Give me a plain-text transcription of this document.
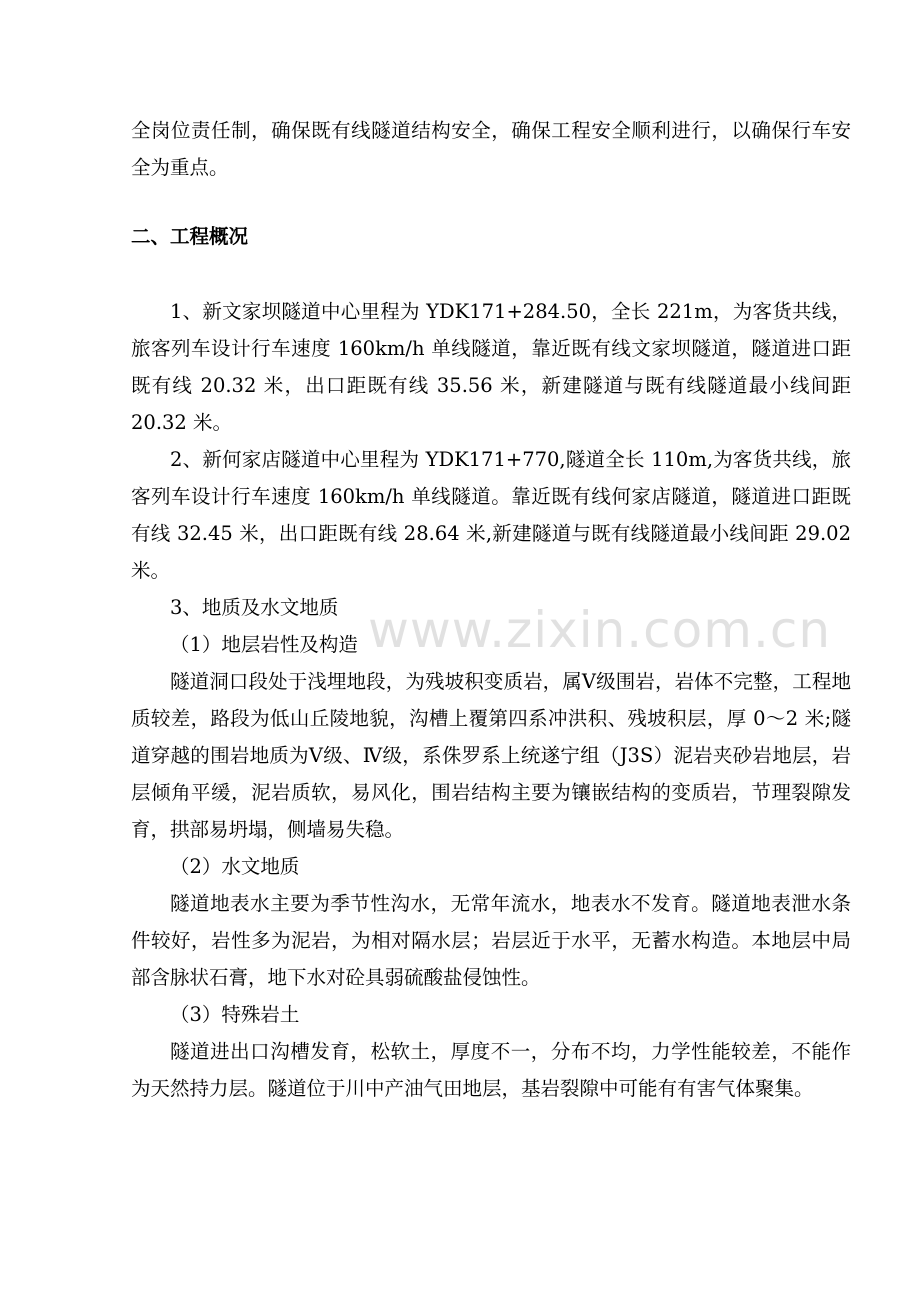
全岗位责任制，确保既有线隧道结构安全，确保工程安全顺利进行，以确保行车安全为重点。

二、工程概况

1、新文家坝隧道中心里程为 YDK171+284.50，全长 221m，为客货共线，旅客列车设计行车速度 160km/h 单线隧道，靠近既有线文家坝隧道，隧道进口距既有线 20.32 米，出口距既有线 35.56 米，新建隧道与既有线隧道最小线间距 20.32 米。

2、新何家店隧道中心里程为 YDK171+770,隧道全长 110m,为客货共线，旅客列车设计行车速度 160km/h 单线隧道。靠近既有线何家店隧道，隧道进口距既有线 32.45 米，出口距既有线 28.64 米,新建隧道与既有线隧道最小线间距 29.02 米。

3、地质及水文地质

（1）地层岩性及构造

隧道洞口段处于浅埋地段，为残坡积变质岩，属Ⅴ级围岩，岩体不完整，工程地质较差，路段为低山丘陵地貌，沟槽上覆第四系冲洪积、残坡积层，厚 0～2 米;隧道穿越的围岩地质为Ⅴ级、Ⅳ级，系侏罗系上统遂宁组（J3S）泥岩夹砂岩地层，岩层倾角平缓，泥岩质软，易风化，围岩结构主要为镶嵌结构的变质岩，节理裂隙发育，拱部易坍塌，侧墙易失稳。

（2）水文地质

隧道地表水主要为季节性沟水，无常年流水，地表水不发育。隧道地表泄水条件较好，岩性多为泥岩，为相对隔水层；岩层近于水平，无蓄水构造。本地层中局部含脉状石膏，地下水对砼具弱硫酸盐侵蚀性。

（3）特殊岩土

隧道进出口沟槽发育，松软土，厚度不一，分布不均，力学性能较差，不能作为天然持力层。隧道位于川中产油气田地层，基岩裂隙中可能有有害气体聚集。

www.zixin.com.cn
